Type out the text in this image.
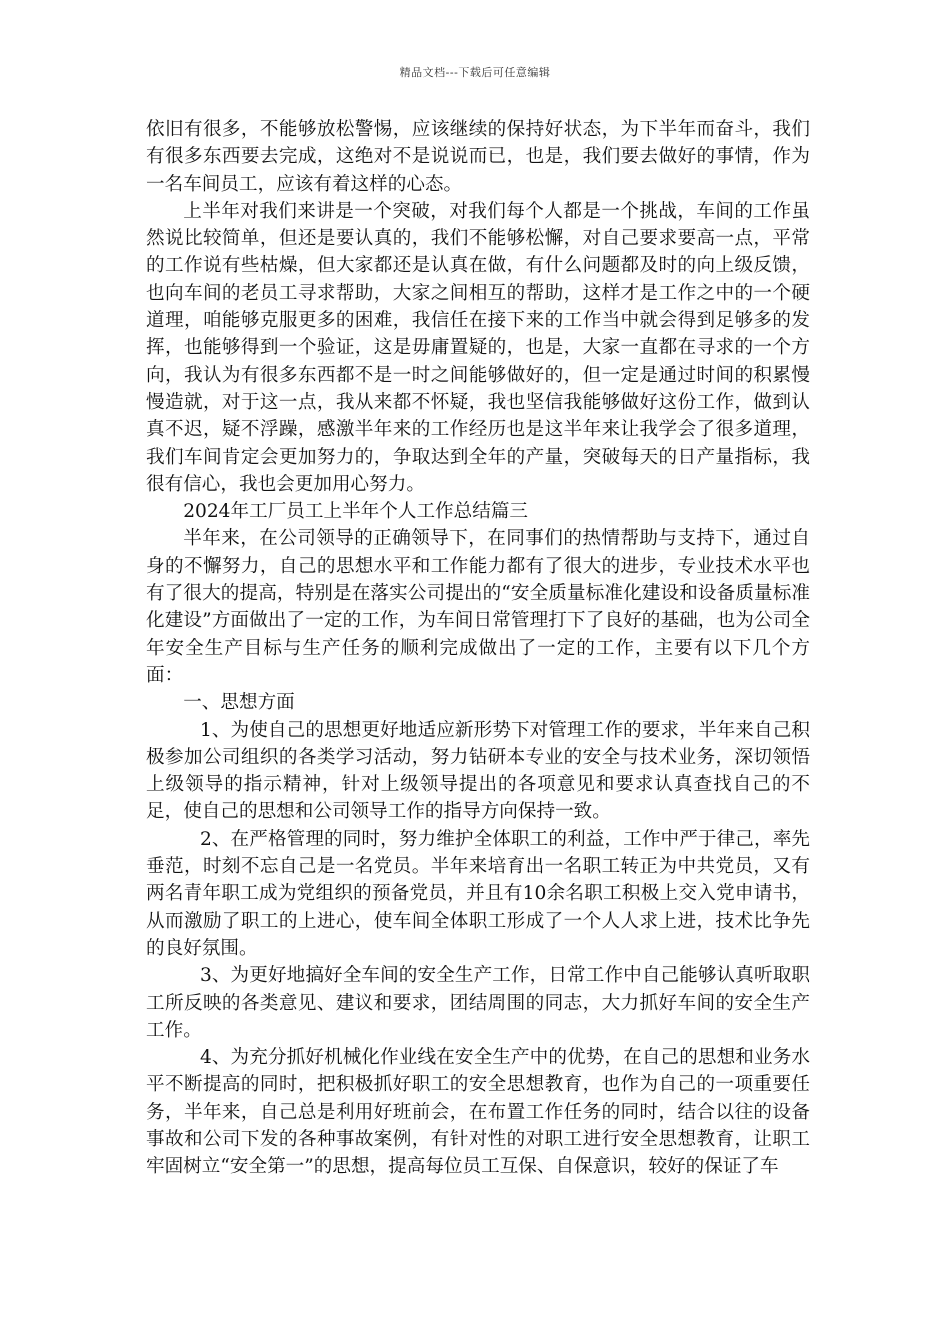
精品文档---下载后可任意编辑

依旧有很多，不能够放松警惕，应该继续的保持好状态，为下半年而奋斗，我们有很多东西要去完成，这绝对不是说说而已，也是，我们要去做好的事情，作为一名车间员工，应该有着这样的心态。

上半年对我们来讲是一个突破，对我们每个人都是一个挑战，车间的工作虽然说比较简单，但还是要认真的，我们不能够松懈，对自己要求要高一点，平常的工作说有些枯燥，但大家都还是认真在做，有什么问题都及时的向上级反馈，也向车间的老员工寻求帮助，大家之间相互的帮助，这样才是工作之中的一个硬道理，咱能够克服更多的困难，我信任在接下来的工作当中就会得到足够多的发挥，也能够得到一个验证，这是毋庸置疑的，也是，大家一直都在寻求的一个方向，我认为有很多东西都不是一时之间能够做好的，但一定是通过时间的积累慢慢造就，对于这一点，我从来都不怀疑，我也坚信我能够做好这份工作，做到认真不迟，疑不浮躁，感激半年来的工作经历也是这半年来让我学会了很多道理，我们车间肯定会更加努力的，争取达到全年的产量，突破每天的日产量指标，我很有信心，我也会更加用心努力。

2024年工厂员工上半年个人工作总结篇三

半年来，在公司领导的正确领导下，在同事们的热情帮助与支持下，通过自身的不懈努力，自己的思想水平和工作能力都有了很大的进步，专业技术水平也有了很大的提高，特别是在落实公司提出的“安全质量标准化建设和设备质量标准化建设”方面做出了一定的工作，为车间日常管理打下了良好的基础，也为公司全年安全生产目标与生产任务的顺利完成做出了一定的工作，主要有以下几个方面：

一、思想方面

1、为使自己的思想更好地适应新形势下对管理工作的要求，半年来自己积极参加公司组织的各类学习活动，努力钻研本专业的安全与技术业务，深切领悟上级领导的指示精神，针对上级领导提出的各项意见和要求认真查找自己的不足，使自己的思想和公司领导工作的指导方向保持一致。

2、在严格管理的同时，努力维护全体职工的利益，工作中严于律己，率先垂范，时刻不忘自己是一名党员。半年来培育出一名职工转正为中共党员，又有两名青年职工成为党组织的预备党员，并且有10余名职工积极上交入党申请书，从而激励了职工的上进心，使车间全体职工形成了一个人人求上进，技术比争先的良好氛围。

3、为更好地搞好全车间的安全生产工作，日常工作中自己能够认真听取职工所反映的各类意见、建议和要求，团结周围的同志，大力抓好车间的安全生产工作。

4、为充分抓好机械化作业线在安全生产中的优势，在自己的思想和业务水平不断提高的同时，把积极抓好职工的安全思想教育，也作为自己的一项重要任务，半年来，自己总是利用好班前会，在布置工作任务的同时，结合以往的设备事故和公司下发的各种事故案例，有针对性的对职工进行安全思想教育，让职工牢固树立“安全第一”的思想，提高每位员工互保、自保意识，较好的保证了车
